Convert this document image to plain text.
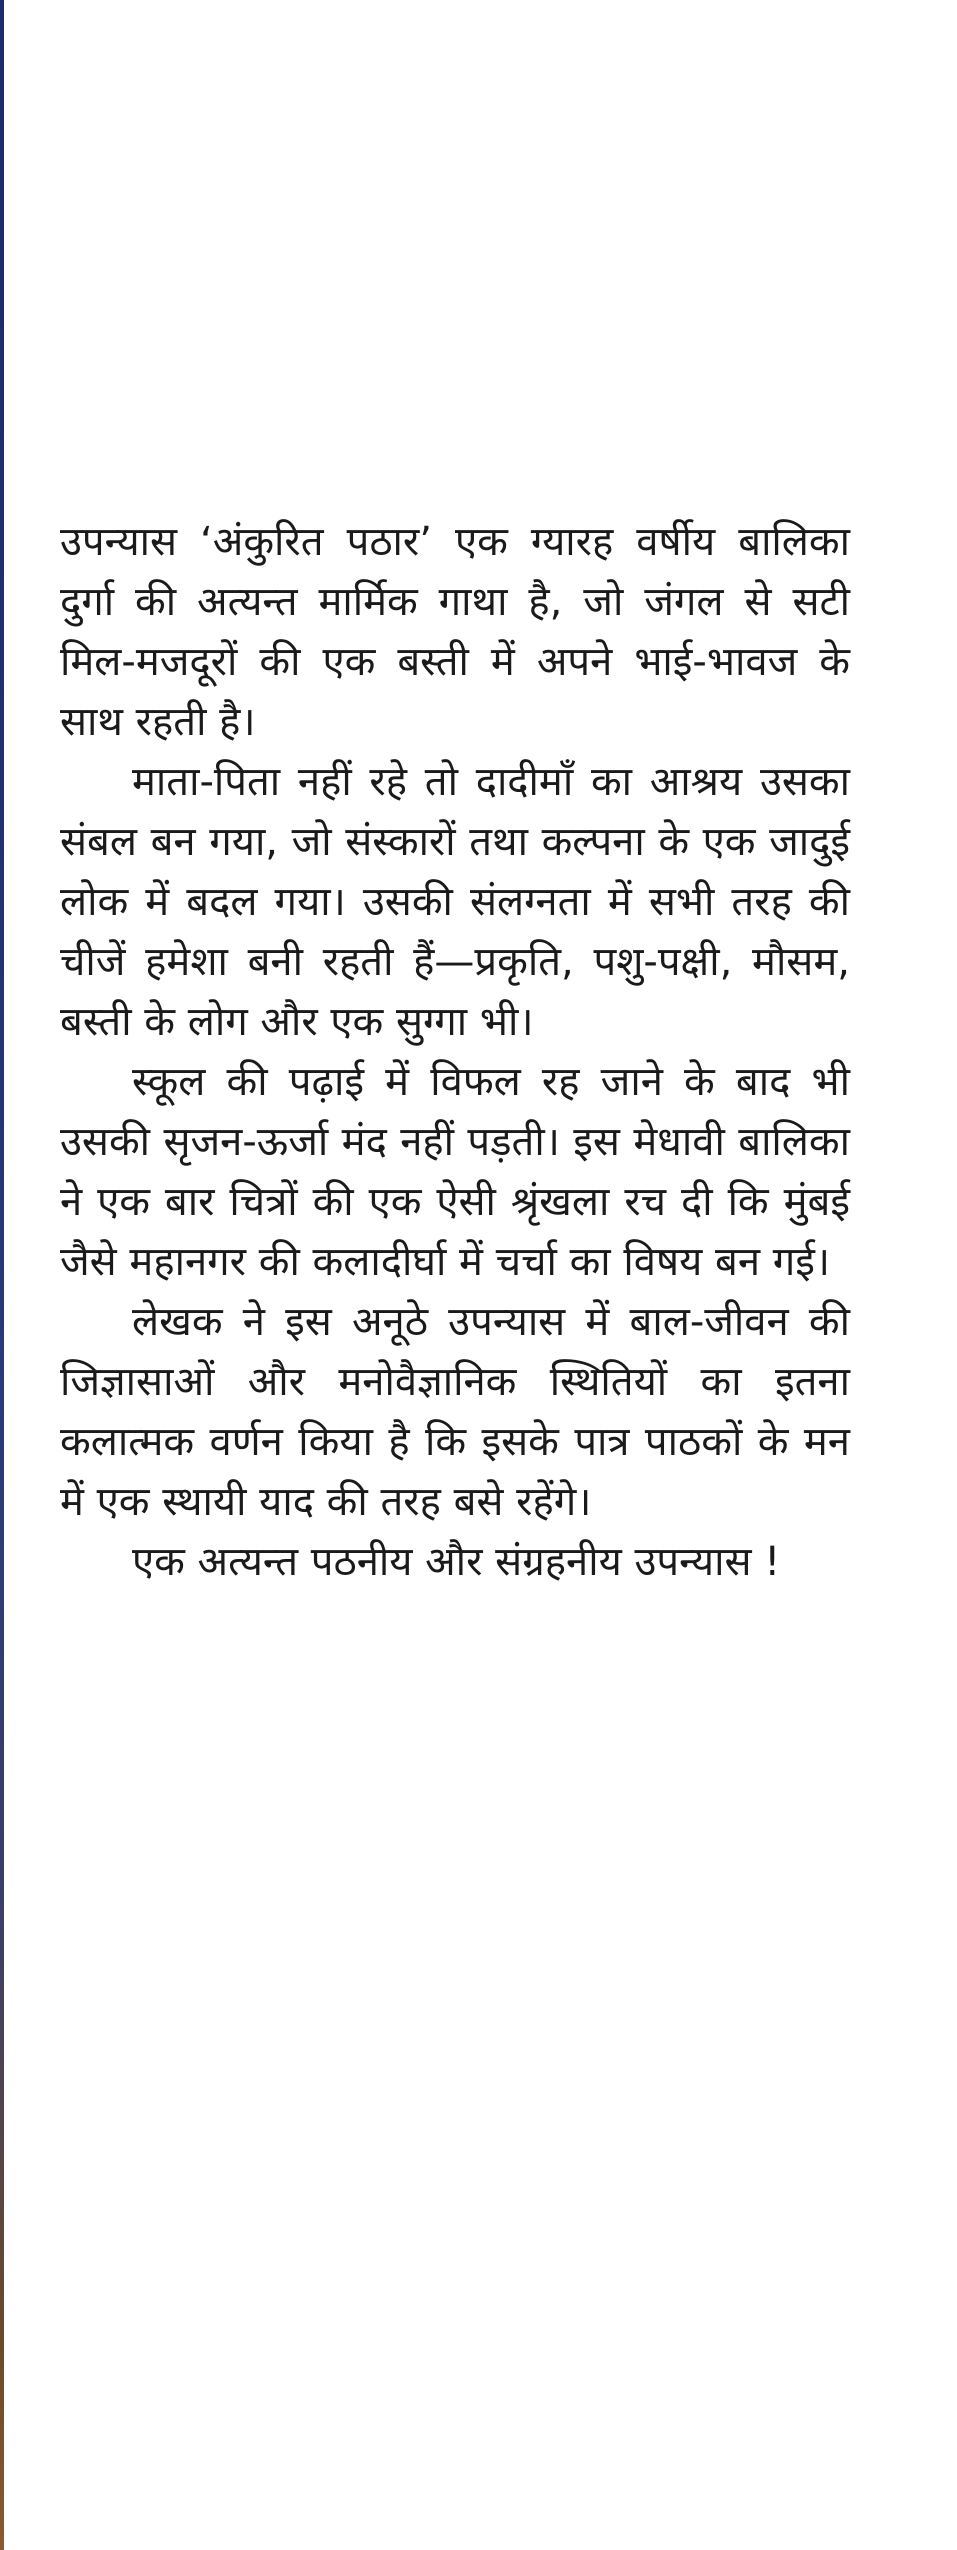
उपन्यास ‘अंकुरित पठार’ एक ग्यारह वर्षीय बालिका दुर्गा की अत्यन्त मार्मिक गाथा है, जो जंगल से सटी मिल-मजदूरों की एक बस्ती में अपने भाई-भावज के साथ रहती है।

माता-पिता नहीं रहे तो दादीमाँ का आश्रय उसका संबल बन गया, जो संस्कारों तथा कल्पना के एक जादुई लोक में बदल गया। उसकी संलग्नता में सभी तरह की चीजें हमेशा बनी रहती हैं—प्रकृति, पशु-पक्षी, मौसम, बस्ती के लोग और एक सुग्गा भी।

स्कूल की पढ़ाई में विफल रह जाने के बाद भी उसकी सृजन-ऊर्जा मंद नहीं पड़ती। इस मेधावी बालिका ने एक बार चित्रों की एक ऐसी श्रृंखला रच दी कि मुंबई जैसे महानगर की कलादीर्घा में चर्चा का विषय बन गई।

लेखक ने इस अनूठे उपन्यास में बाल-जीवन की जिज्ञासाओं और मनोवैज्ञानिक स्थितियों का इतना कलात्मक वर्णन किया है कि इसके पात्र पाठकों के मन में एक स्थायी याद की तरह बसे रहेंगे।

एक अत्यन्त पठनीय और संग्रहनीय उपन्यास !
